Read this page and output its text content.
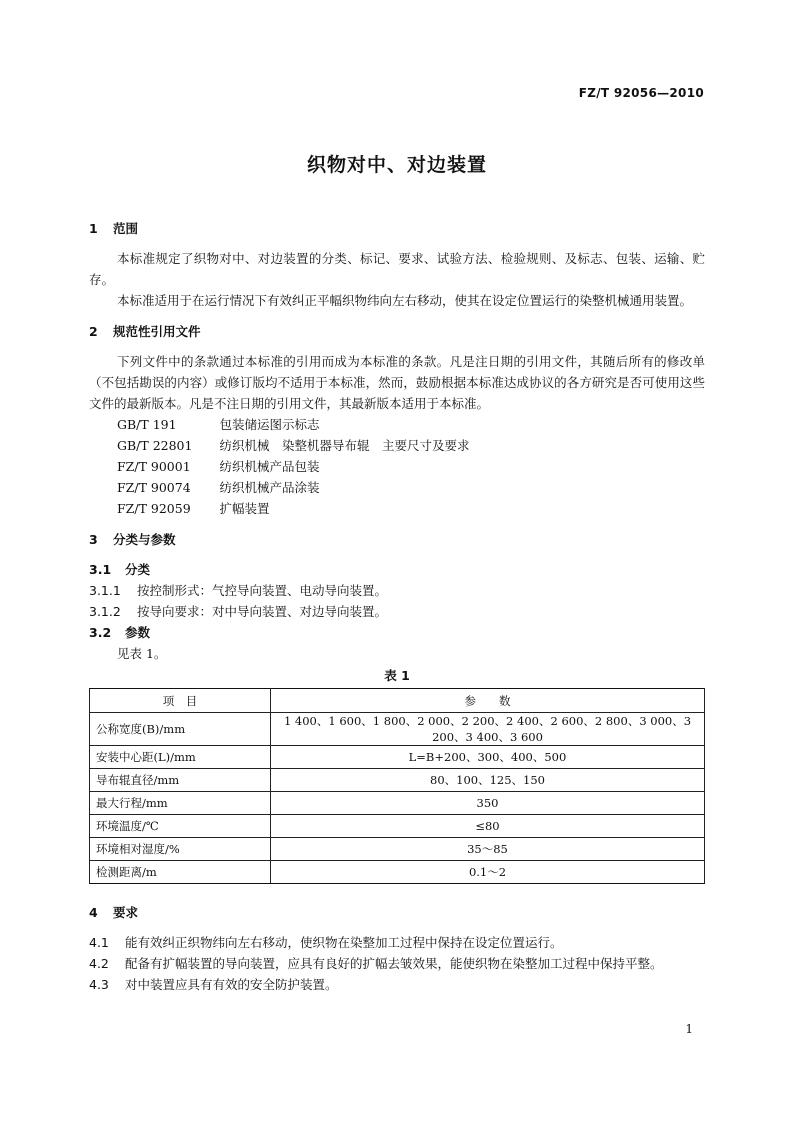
FZ/T 92056—2010
织物对中、对边装置
1 范围

本标准规定了织物对中、对边装置的分类、标记、要求、试验方法、检验规则、及标志、包装、运输、贮存。

本标准适用于在运行情况下有效纠正平幅织物纬向左右移动，使其在设定位置运行的染整机械通用装置。

2 规范性引用文件

下列文件中的条款通过本标准的引用而成为本标准的条款。凡是注日期的引用文件，其随后所有的修改单（不包括勘误的内容）或修订版均不适用于本标准，然而，鼓励根据本标准达成协议的各方研究是否可使用这些文件的最新版本。凡是不注日期的引用文件，其最新版本适用于本标准。

GB/T 191　	包装储运图示标志
GB/T 22801　 纺织机械　染整机器导布辊　主要尺寸及要求
FZ/T 90001　 纺织机械产品包装
FZ/T 90074　 纺织机械产品涂装
FZ/T 92059　 扩幅装置
3 分类与参数
3.1 分类
3.1.1 按控制形式：气控导向装置、电动导向装置。
3.1.2 按导向要求：对中导向装置、对边导向装置。
3.2 参数
见表 1。
表 1
项　目	参　　数
公称宽度(B)/mm	1 400、1 600、1 800、2 000、2 200、2 400、2 600、2 800、3 000、3 200、3 400、3 600
安装中心距(L)/mm	L=B+200、300、400、500
导布辊直径/mm	80、100、125、150
最大行程/mm	350
环境温度/℃	≤80
环境相对湿度/%	35～85
检测距离/m	0.1～2
4 要求
4.1 能有效纠正织物纬向左右移动，使织物在染整加工过程中保持在设定位置运行。
4.2 配备有扩幅装置的导向装置，应具有良好的扩幅去皱效果，能使织物在染整加工过程中保持平整。
4.3 对中装置应具有有效的安全防护装置。
1
